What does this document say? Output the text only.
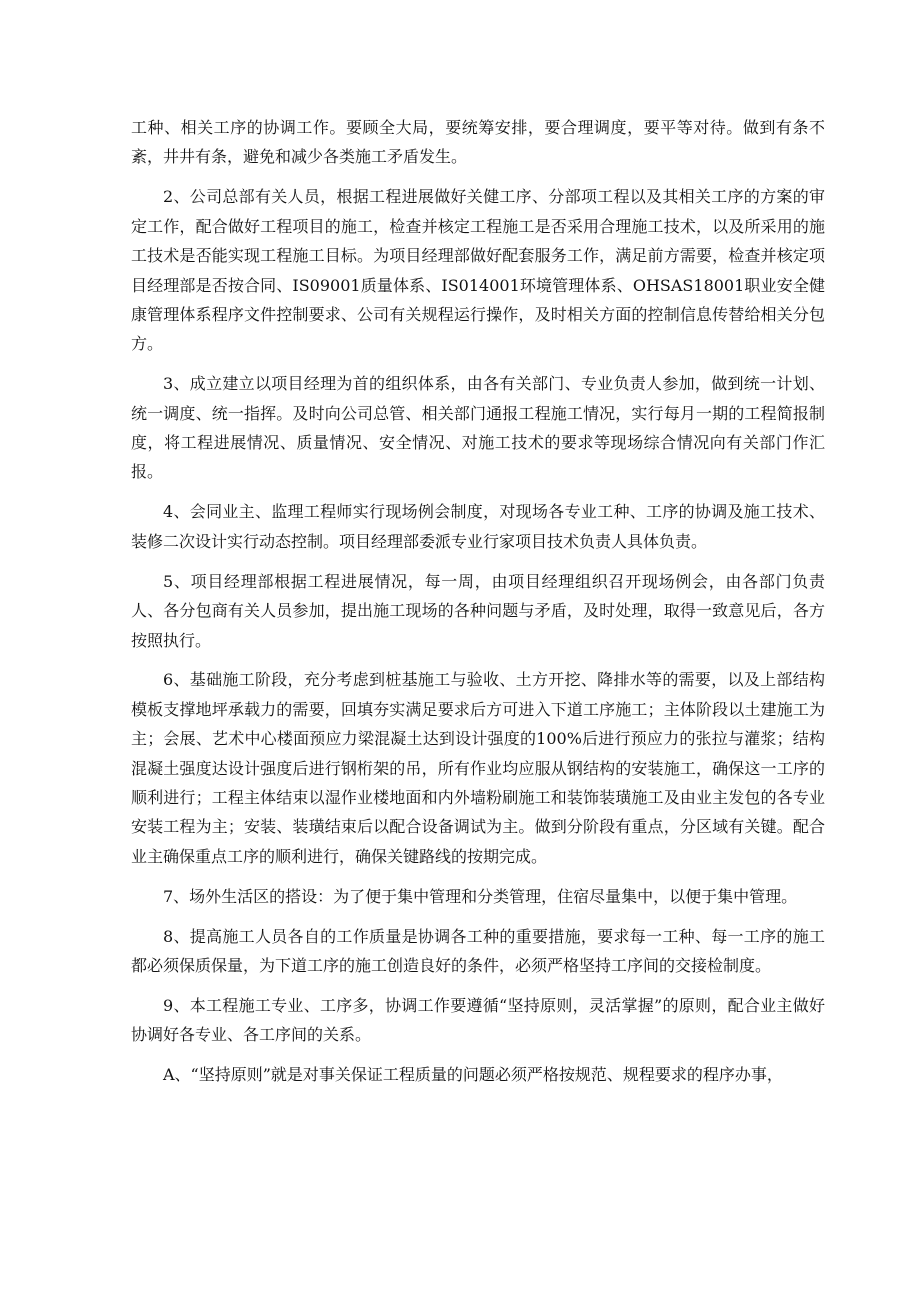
工种、相关工序的协调工作。要顾全大局，要统筹安排，要合理调度，要平等对待。做到有条不紊，井井有条，避免和减少各类施工矛盾发生。

2、公司总部有关人员，根据工程进展做好关健工序、分部项工程以及其相关工序的方案的审定工作，配合做好工程项目的施工，检查并核定工程施工是否采用合理施工技术，以及所采用的施工技术是否能实现工程施工目标。为项目经理部做好配套服务工作，满足前方需要，检查并核定项目经理部是否按合同、IS09001质量体系、IS014001环境管理体系、OHSAS18001职业安全健康管理体系程序文件控制要求、公司有关规程运行操作，及时相关方面的控制信息传替给相关分包方。

3、成立建立以项目经理为首的组织体系，由各有关部门、专业负责人参加，做到统一计划、统一调度、统一指挥。及时向公司总管、相关部门通报工程施工情况，实行每月一期的工程简报制度，将工程进展情况、质量情况、安全情况、对施工技术的要求等现场综合情况向有关部门作汇报。

4、会同业主、监理工程师实行现场例会制度，对现场各专业工种、工序的协调及施工技术、装修二次设计实行动态控制。项目经理部委派专业行家项目技术负责人具体负责。

5、项目经理部根据工程进展情况，每一周，由项目经理组织召开现场例会，由各部门负责人、各分包商有关人员参加，提出施工现场的各种问题与矛盾，及时处理，取得一致意见后，各方按照执行。

6、基础施工阶段，充分考虑到桩基施工与验收、土方开挖、降排水等的需要，以及上部结构模板支撑地坪承载力的需要，回填夯实满足要求后方可进入下道工序施工；主体阶段以土建施工为主；会展、艺术中心楼面预应力梁混凝土达到设计强度的100%后进行预应力的张拉与灌浆；结构混凝土强度达设计强度后进行钢桁架的吊，所有作业均应服从钢结构的安装施工，确保这一工序的顺利进行；工程主体结束以湿作业楼地面和内外墙粉刷施工和装饰装璜施工及由业主发包的各专业安装工程为主；安装、装璜结束后以配合设备调试为主。做到分阶段有重点，分区域有关键。配合业主确保重点工序的顺利进行，确保关键路线的按期完成。

7、场外生活区的搭设：为了便于集中管理和分类管理，住宿尽量集中，以便于集中管理。

8、提高施工人员各自的工作质量是协调各工种的重要措施，要求每一工种、每一工序的施工都必须保质保量，为下道工序的施工创造良好的条件，必须严格坚持工序间的交接检制度。

9、本工程施工专业、工序多，协调工作要遵循“坚持原则，灵活掌握”的原则，配合业主做好协调好各专业、各工序间的关系。

A、“坚持原则”就是对事关保证工程质量的问题必须严格按规范、规程要求的程序办事，
